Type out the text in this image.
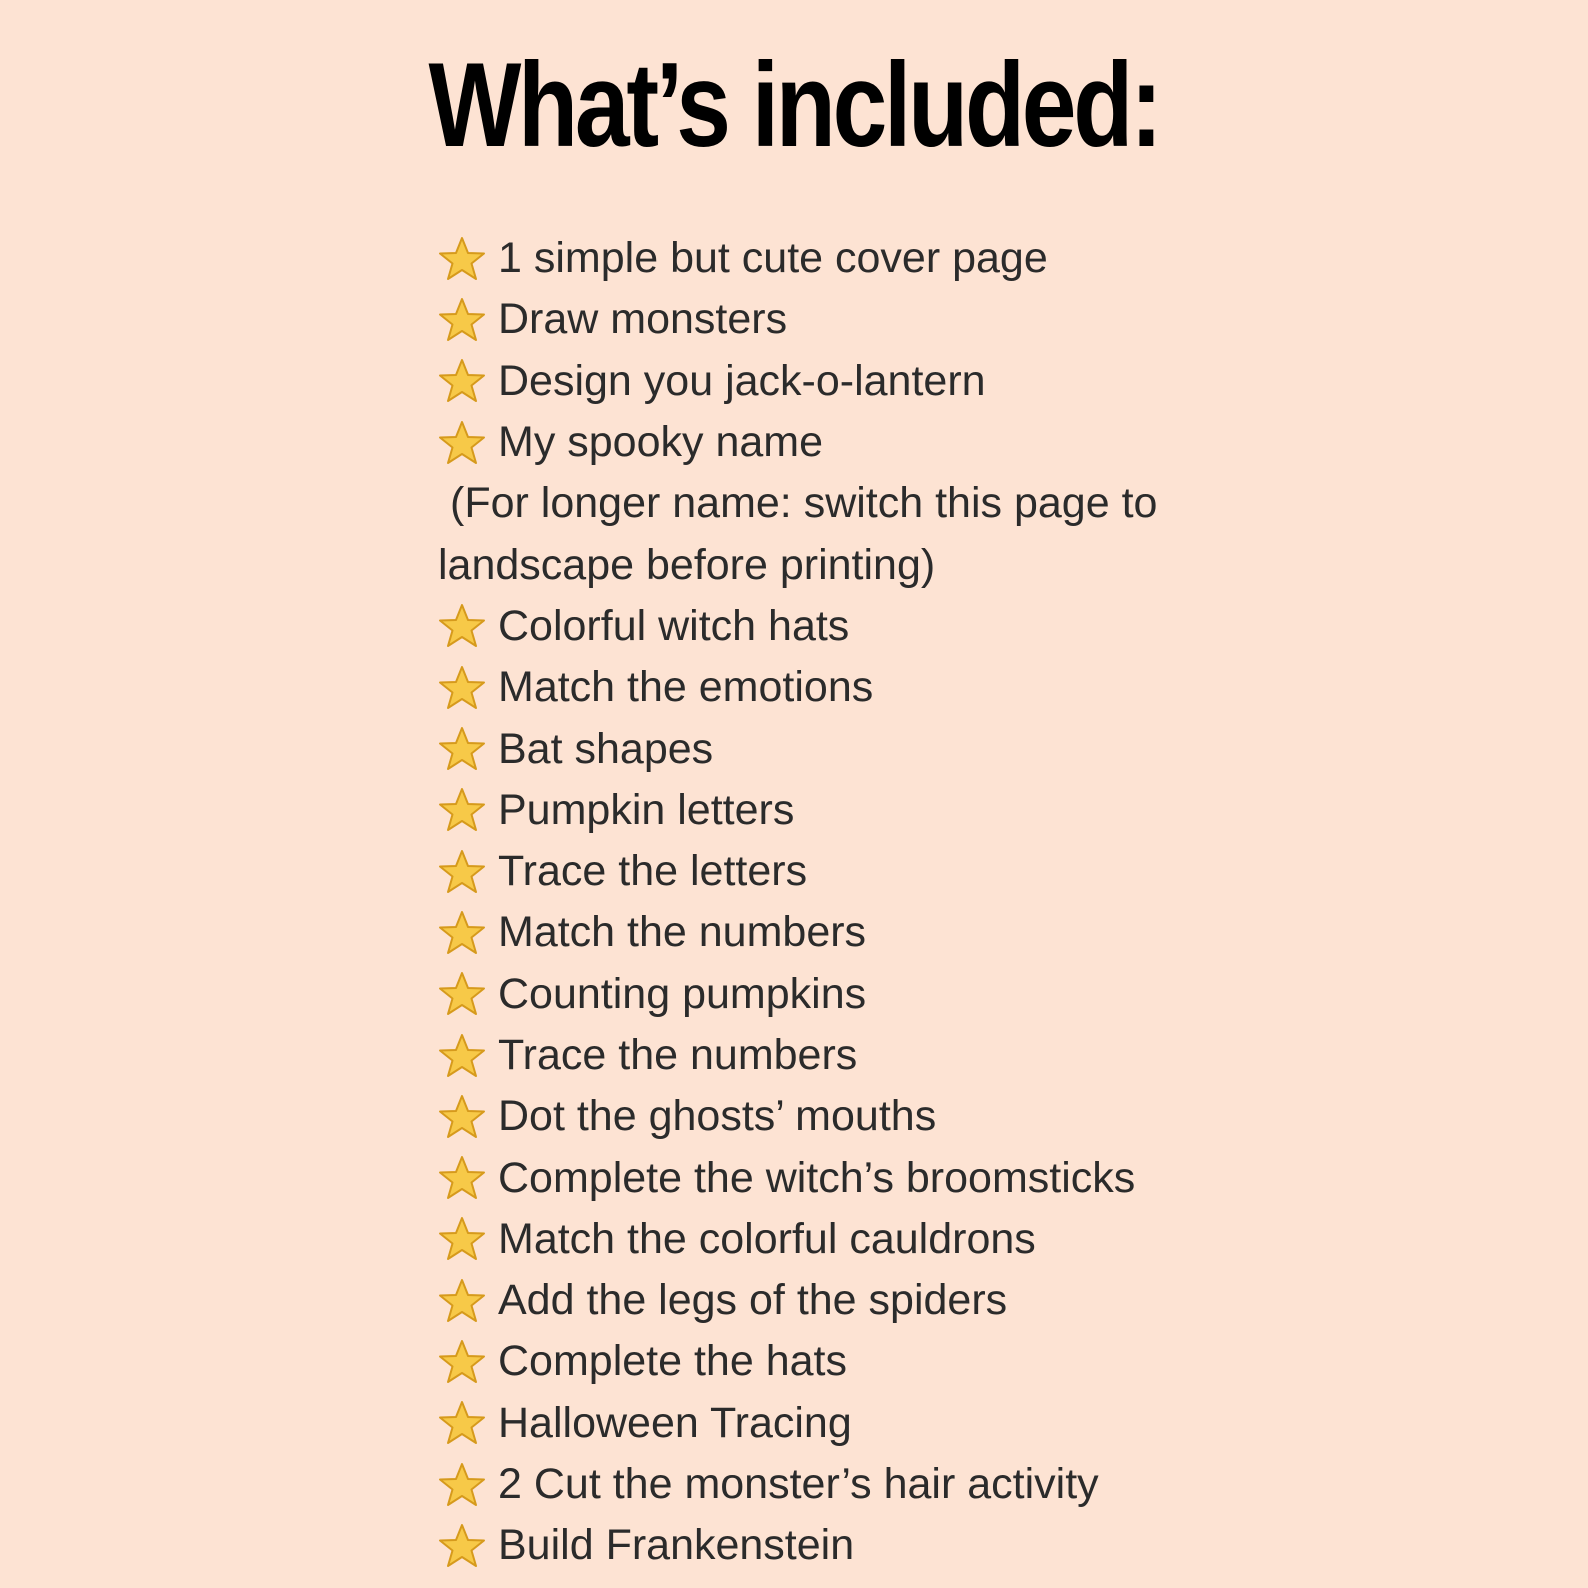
What’s included:
1 simple but cute cover page
Draw monsters
Design you jack-o-lantern
My spooky name
(For longer name: switch this page to
landscape before printing)
Colorful witch hats
Match the emotions
Bat shapes
Pumpkin letters
Trace the letters
Match the numbers
Counting pumpkins
Trace the numbers
Dot the ghosts’ mouths
Complete the witch’s broomsticks
Match the colorful cauldrons
Add the legs of the spiders
Complete the hats
Halloween Tracing
2 Cut the monster’s hair activity
Build Frankenstein
